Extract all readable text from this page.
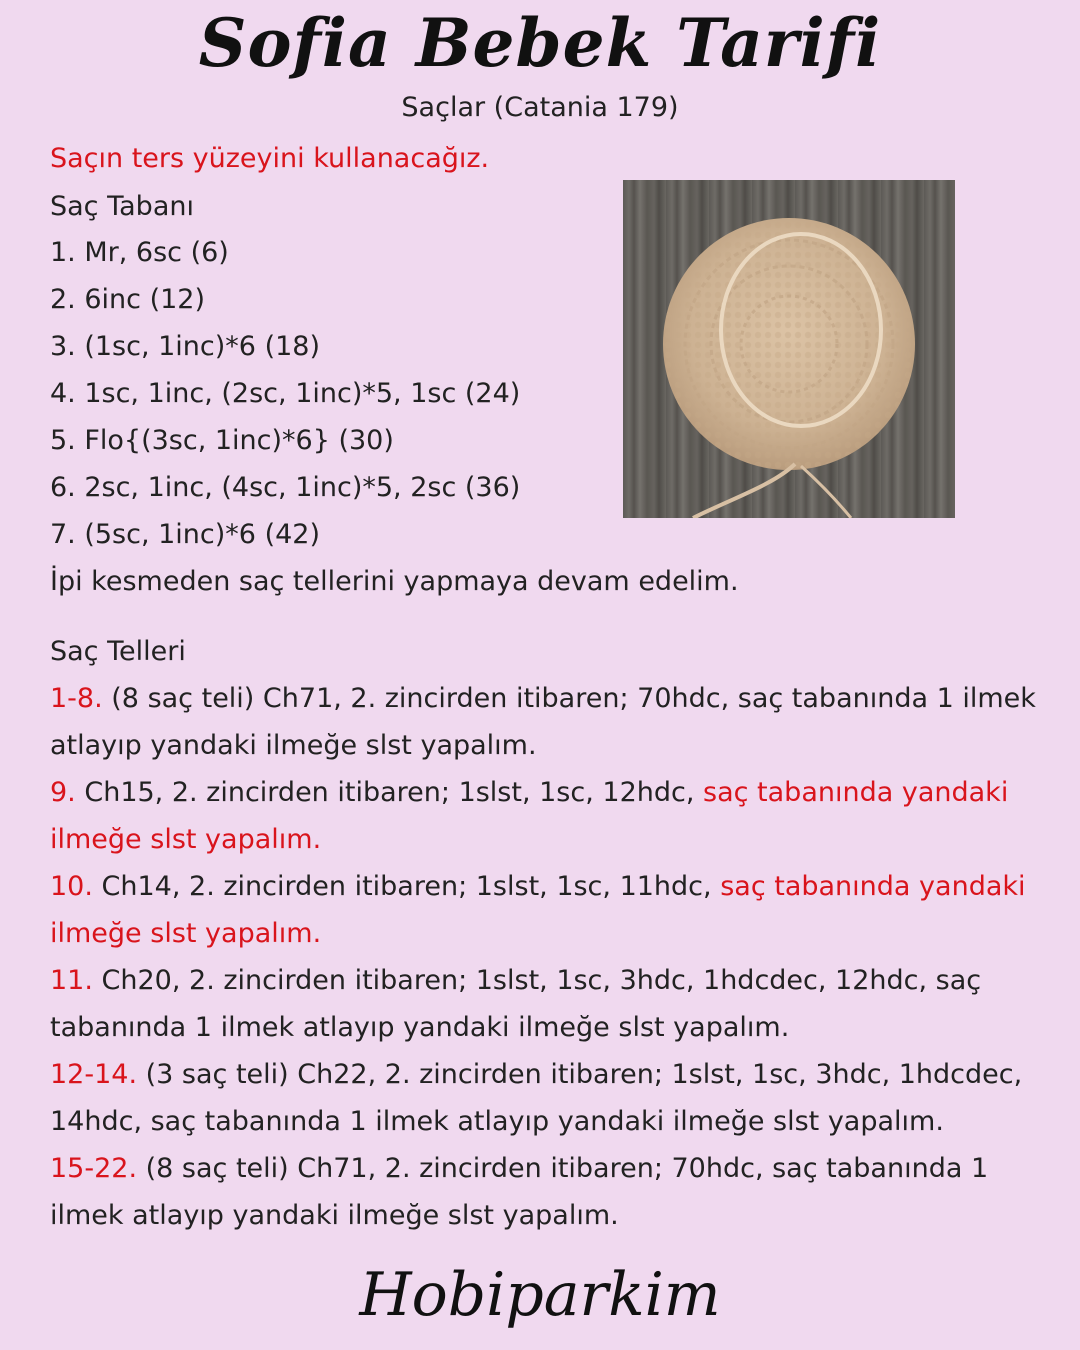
Sofia Bebek Tarifi
Saçlar (Catania 179)
Saçın ters yüzeyini kullanacağız.
Saç Tabanı
1. Mr, 6sc (6)
2. 6inc (12)
3. (1sc, 1inc)*6 (18)
4. 1sc, 1inc, (2sc, 1inc)*5, 1sc (24)
5. Flo{(3sc, 1inc)*6} (30)
6. 2sc, 1inc, (4sc, 1inc)*5, 2sc (36)
7. (5sc, 1inc)*6 (42)
İpi kesmeden saç tellerini yapmaya devam edelim.
Saç Telleri
1-8. (8 saç teli) Ch71, 2. zincirden itibaren; 70hdc, saç tabanında 1 ilmek atlayıp yandaki ilmeğe slst yapalım.
9. Ch15, 2. zincirden itibaren; 1slst, 1sc, 12hdc, saç tabanında yandaki ilmeğe slst yapalım.
10. Ch14, 2. zincirden itibaren; 1slst, 1sc, 11hdc, saç tabanında yandaki ilmeğe slst yapalım.
11. Ch20, 2. zincirden itibaren; 1slst, 1sc, 3hdc, 1hdcdec, 12hdc, saç tabanında 1 ilmek atlayıp yandaki ilmeğe slst yapalım.
12-14. (3 saç teli) Ch22, 2. zincirden itibaren; 1slst, 1sc, 3hdc, 1hdcdec, 14hdc, saç tabanında 1 ilmek atlayıp yandaki ilmeğe slst yapalım.
15-22. (8 saç teli) Ch71, 2. zincirden itibaren; 70hdc, saç tabanında 1 ilmek atlayıp yandaki ilmeğe slst yapalım.
Hobiparkim
